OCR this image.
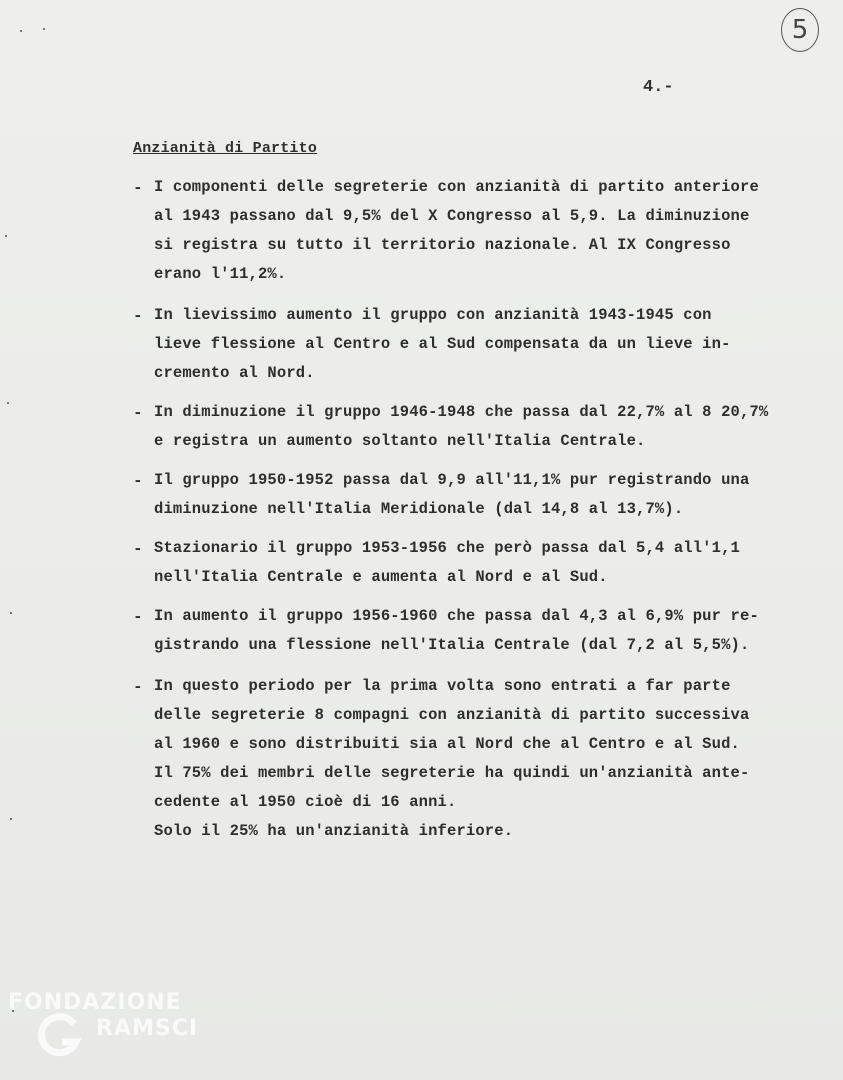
5
4.-
Anzianità di Partito
- I componenti delle segreterie con anzianità di partito anteriore
al 1943 passano dal 9,5% del X Congresso al 5,9. La diminuzione
si registra su tutto il territorio nazionale. Al IX Congresso
erano l'11,2%.
- In lievissimo aumento il gruppo con anzianità 1943-1945 con
lieve flessione al Centro e al Sud compensata da un lieve in-
cremento al Nord.
- In diminuzione il gruppo 1946-1948 che passa dal 22,7% al 8 20,7%
e registra un aumento soltanto nell'Italia Centrale.
- Il gruppo 1950-1952 passa dal 9,9 all'11,1% pur registrando una
diminuzione nell'Italia Meridionale (dal 14,8 al 13,7%).
- Stazionario il gruppo 1953-1956 che però passa dal 5,4 all'1,1
nell'Italia Centrale e aumenta al Nord e al Sud.
- In aumento il gruppo 1956-1960 che passa dal 4,3 al 6,9% pur re-
gistrando una flessione nell'Italia Centrale (dal 7,2 al 5,5%).
- In questo periodo per la prima volta sono entrati a far parte
delle segreterie 8 compagni con anzianità di partito successiva
al 1960 e sono distribuiti sia al Nord che al Centro e al Sud.
Il 75% dei membri delle segreterie ha quindi un'anzianità ante-
cedente al 1950 cioè di 16 anni.
Solo il 25% ha un'anzianità inferiore.
FONDAZIONE
RAMSCI
